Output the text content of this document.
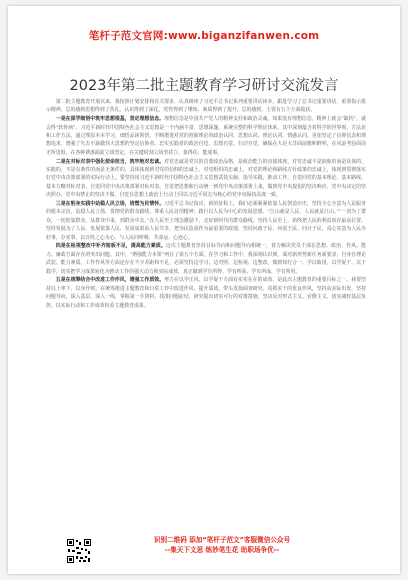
笔杆子范文官网:www.biganzifanwen.com
2023年第二批主题教育学习研讨交流发言

第二批主题教育开展以来，我按照计划安排和有关要求，认真研读了习近平总书记系列重要讲话读本，跟进学习了总书记重要讲话，重要指示批示精神，总的感到思想得到了洗礼，认识得到了深化，党性得到了锤炼，素质得到了提升。总的感到，主要有五个方面收获。

一是在深学细悟中筑牢思想根基，坚定理想信念。理想信念是中国共产党人的精神支柱和政治灵魂。如果没有理想信念，精神上就会“缺钙”，就会得“软骨病”。习近平新时代中国特色社会主义思想是一个内涵丰富、思想深邃、系统完整的科学理论体系，其中深刻蕴含着科学的世界观、方法论和工作方法，通过理原本本学习，细悟品读领悟，不断增进对党的创新理论的政治认同、思想认同、理论认同、情感认同，更加坚定了信仰信念和理想追求，增强了矢志不渝做伟大思想的坚定信仰者、忠实实践者的政治自觉。思想自觉、行动自觉，确保在大是大非面前旗帜鲜明，在风浪考验面前无所畏惧，在各种诱惑面前立场坚定，在关键时刻立场坚持立、靠得住、能成事。

二是在对标对表中强化使命担当，筑牢绝对忠诚。对党忠诚是党员的首要政治品格，是政治能力的直接体现。对党忠诚不是抽象的而是具体的、实践的，不是有条件的而是无条件的，具体体现到对党的信仰的忠诚上，对党组织的忠诚上，对党的理论和路线方针政策的忠诚上，体现到贯彻落实好党中央决策部署的实际行动上。要坚持用习近平新时代中国特色社会主义思想武装头脑、指导实践、推动工作，自觉同党的基本理论、基本路线、基本方略对标对表，自觉同党中央决策部署对标对表。自觉把思想和行动统一到党中央决策部署上来，做到党中央提倡的坚决响应、党中央决定的坚决照办、党中央禁止的坚决不做，自觉在思想上政治上行动上同以习近平同志为核心的党中央保持高度一致。

三是在躬身实践中站稳人民立场，培塑为民情怀。习近平总书记指出，新的征程上，我们必须紧紧依靠人民创造历史，坚持全心全意为人民服务的根本宗旨，站稳人民立场，贯彻党的群众路线，尊重人民首创精神，践行以人民为中心的发展思想。“江山就是人民，人民就是江山。”“一切为了群众，一切依靠群众，从群众中来，到群众中去。”在人民至上理念激励下，走好新时代的群众路线，坚持人民至上，始终把人民的利益放在最高位置，坚持发展为了人民、发展依靠人民、发展成果由人民共享，把为民造福作为最重要的政绩，坚持问政于民、问需于民、问计于民，真心实意为人民办好事、办实事，以百姓之心为心、与人民同呼吸、共命运、心连心。

四是在检视整改中补齐短板不足，提高能力素质。这次主题教育坚持目标导向和问题导向相统一，着力解决党员干部在思想、政治、作风、能力、廉政方面存在的突出问题。其中，“增强能力本领”列在了第五个方面。在学习和工作中，我深刻认识到，面对新形势新任务新要求，自身在理论武装、能力素质、工作作风等方面还存在不少差距和不足，必须坚持边学习、边对照、边检视、边整改，做到知行合一、学以致用，以学促干、以干践学，切实把学习成果转化为推动工作的强大动力和实际成效，真正做到学有所得、学有所获、学有所成、学有所用。

五是在统筹结合中改进工作作风，增强工作质效。努力在以学正风、以学促干方面有实实在在的成效，是此次主题教育的重要目标之一。我要坚持以上率下、以身作则，在统筹推进主题教育和日常工作中改进作风、提升质效。带头发扬调查研究、真抓实干的优良作风，坚持从实际出发，坚持问题导向，深入基层、深入一线，掌握第一手资料，找准问题症结，研究提出切实可行的对策措施。坚决反对形式主义、官僚主义，切实减轻基层负担，以实际行动和工作成效检验主题教育成果。

识别二维码 添加“笔杆子范文”客服微信公众号
--集天下文思 练妙笔生花 助职场争优--
